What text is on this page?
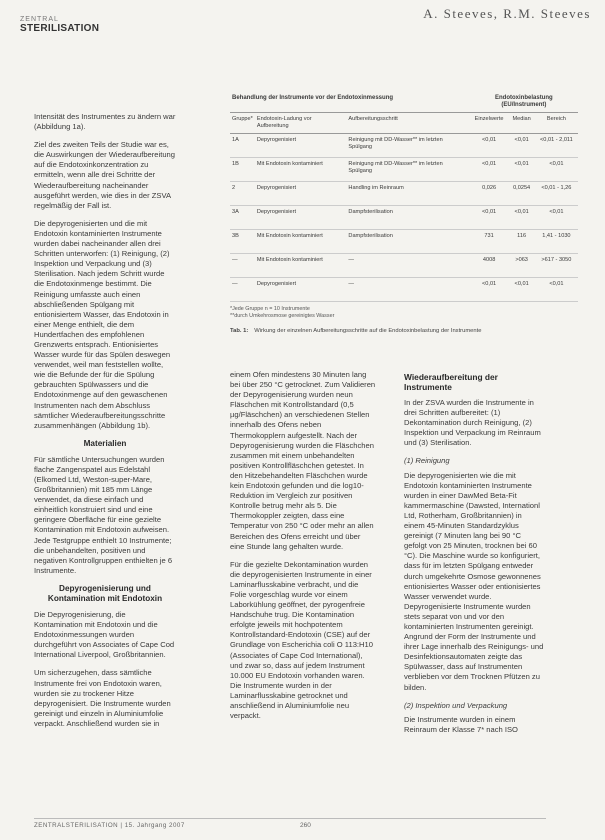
ZENTRAL
STERILISATION
A. Steeves, R.M. Steeves

Intensität des Instrumentes zu ändern war (Abbildung 1a).

Ziel des zweiten Teils der Studie war es, die Auswirkungen der Wiederaufbereitung auf die Endotoxinkonzentration zu ermitteln, wenn alle drei Schritte der Wiederaufbereitung nacheinander ausgeführt werden, wie dies in der ZSVA regelmäßig der Fall ist.

Die depyrogenisierten und die mit Endotoxin kontaminierten Instrumente wurden dabei nacheinander allen drei Schritten unterworfen: (1) Reinigung, (2) Inspektion und Verpackung und (3) Sterilisation. Nach jedem Schritt wurde die Endotoxinmenge bestimmt. Die Reinigung umfasste auch einen abschließenden Spülgang mit entionisiertem Wasser, das Endotoxin in einer Menge enthielt, die dem Hundertfachen des empfohlenen Grenzwerts entsprach. Entionisiertes Wasser wurde für das Spülen deswegen verwendet, weil man feststellen wollte, wie die Befunde der für die Spülung gebrauchten Spülwassers und die Endotoxinmenge auf den gewaschenen Instrumenten nach dem Abschluss sämtlicher Wiederaufbereitungsschritte zusammenhängen (Abbildung 1b).

Materialien

Für sämtliche Untersuchungen wurden flache Zangenspatel aus Edelstahl (Elkomed Ltd, Weston-super-Mare, Großbritannien) mit 185 mm Länge verwendet, da diese einfach und einheitlich konstruiert sind und eine geringere Oberfläche für eine gezielte Kontamination mit Endotoxin aufweisen. Jede Testgruppe enthielt 10 Instrumente; die unbehandelten, positiven und negativen Kontrollgruppen enthielten je 6 Instrumente.

Depyrogenisierung und Kontamination mit Endotoxin

Die Depyrogenisierung, die Kontamination mit Endotoxin und die Endotoxinmessungen wurden durchgeführt von Associates of Cape Cod International Liverpool, Großbritannien.

Um sicherzugehen, dass sämtliche Instrumente frei von Endotoxin waren, wurden sie zu trockener Hitze depyrogenisiert. Die Instrumente wurden gereinigt und einzeln in Aluminiumfolie verpackt. Anschließend wurden sie in

Behandlung der Instrumente vor der Endotoxinmessung			Endotoxinbelastung (EU/Instrument)		
Gruppe*	Endotoxin-Ladung vor Aufbereitung	Aufbereitungsschritt	Einzelwerte	Median	Bereich
1A	Depyrogenisiert	Reinigung mit DD-Wasser** im letzten Spülgang	<0,01	<0,01	<0,01 - 2,011
1B	Mit Endotoxin kontaminiert	Reinigung mit DD-Wasser** im letzten Spülgang	<0,01	<0,01	<0,01
2	Depyrogenisiert	Handling im Reinraum	0,026	0,0254	<0,01 - 1,26
3A	Depyrogenisiert	Dampfsterilisation	<0,01	<0,01	<0,01
3B	Mit Endotoxin kontaminiert	Dampfsterilisation	731	116	1,41 - 1030
—	Mit Endotoxin kontaminiert	—	4008	>063	>617 - 3050
—	Depyrogenisiert	—	<0,01	<0,01	<0,01
*Jede Gruppe n = 10 Instrumente
**durch Umkehrosmose gereinigtes Wasser
Tab. 1: Wirkung der einzelnen Aufbereitungsschritte auf die Endotoxinbelastung der Instrumente

einem Ofen mindestens 30 Minuten lang bei über 250 °C getrocknet. Zum Validieren der Depyrogenisierung wurden neun Fläschchen mit Kontrollstandard (0,5 µg/Fläschchen) an verschiedenen Stellen innerhalb des Ofens neben Thermokopplern aufgestellt. Nach der Depyrogenisierung wurden die Fläschchen zusammen mit einem unbehandelten positiven Kontrollfläschchen getestet. In den Hitzebehandelten Fläschchen wurde kein Endotoxin gefunden und die log10-Reduktion im Vergleich zur positiven Kontrolle betrug mehr als 5. Die Thermokoppler zeigten, dass eine Temperatur von 250 °C oder mehr an allen Bereichen des Ofens erreicht und über eine Stunde lang gehalten wurde.

Für die gezielte Dekontamination wurden die depyrogenisierten Instrumente in einer Laminarflusskabine verbracht, und die Folie vorgeschlag wurde vor einem Laborkühlung geöffnet, der pyrogenfreie Handschuhe trug. Die Kontamination erfolgte jeweils mit hochpotentem Kontrollstandard-Endotoxin (CSE) auf der Grundlage von Escherichia coli O 113:H10 (Associates of Cape Cod International), und zwar so, dass auf jedem Instrument 10.000 EU Endotoxin vorhanden waren. Die Instrumente wurden in der Laminarflusskabine getrocknet und anschließend in Aluminiumfolie neu verpackt.

Wiederaufbereitung der Instrumente

In der ZSVA wurden die Instrumente in drei Schritten aufbereitet: (1) Dekontamination durch Reinigung, (2) Inspektion und Verpackung im Reinraum und (3) Sterilisation.

(1) Reinigung

Die depyrogenisierten wie die mit Endotoxin kontaminierten Instrumente wurden in einer DawMed Beta-Fit kammermaschine (Dawsted, Internationl Ltd, Rotherham, Großbritannien) in einem 45-Minuten Standardzyklus gereinigt (7 Minuten lang bei 90 °C gefolgt von 25 Minuten, trocknen bei 60 °C). Die Maschine wurde so konfiguriert, dass für im letzten Spülgang entweder durch umgekehrte Osmose gewonnenes entionisiertes Wasser oder entionisiertes Wasser verwendet wurde. Depyrogenisierte Instrumente wurden stets separat von und vor den kontaminierten Instrumenten gereinigt. Angrund der Form der Instrumente und ihrer Lage innerhalb des Reinigungs- und Desinfektionsautomaten zeigte das Spülwasser, dass auf Instrumenten verblieben vor dem Trocknen Pfützen zu bilden.

(2) Inspektion und Verpackung

Die Instrumente wurden in einem Reinraum der Klasse 7* nach ISO

ZENTRALSTERILISATION | 15. Jahrgang 2007	260
